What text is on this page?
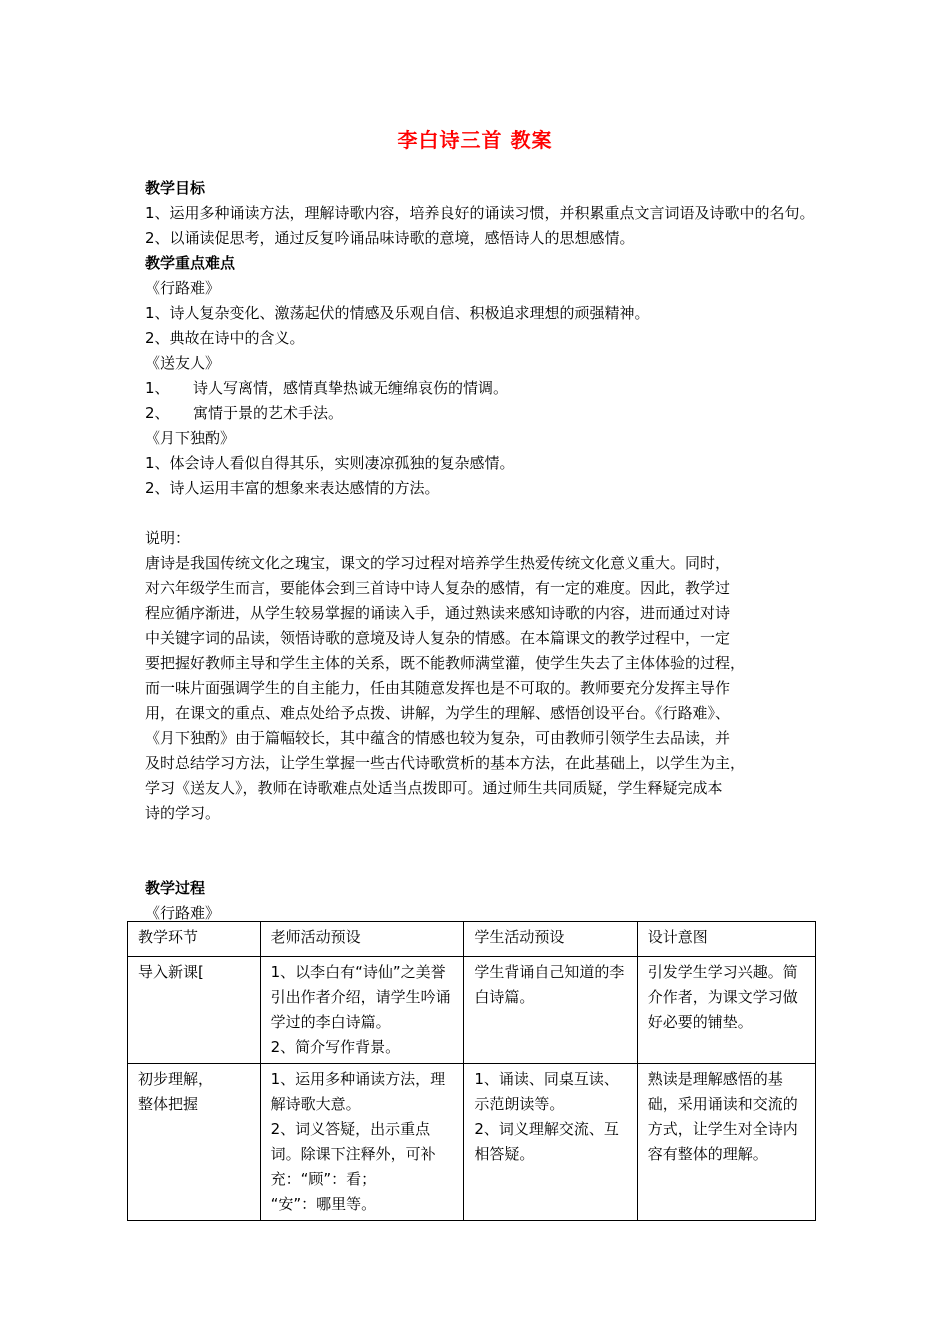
李白诗三首 教案
教学目标
1、运用多种诵读方法，理解诗歌内容，培养良好的诵读习惯，并积累重点文言词语及诗歌中的名句。
2、以诵读促思考，通过反复吟诵品味诗歌的意境，感悟诗人的思想感情。
教学重点难点
《行路难》
1、诗人复杂变化、激荡起伏的情感及乐观自信、积极追求理想的顽强精神。
2、典故在诗中的含义。
《送友人》
1、 诗人写离情，感情真挚热诚无缠绵哀伤的情调。
2、 寓情于景的艺术手法。
《月下独酌》
1、体会诗人看似自得其乐，实则凄凉孤独的复杂感情。
2、诗人运用丰富的想象来表达感情的方法。
说明：
唐诗是我国传统文化之瑰宝，课文的学习过程对培养学生热爱传统文化意义重大。同时，
对六年级学生而言，要能体会到三首诗中诗人复杂的感情，有一定的难度。因此，教学过
程应循序渐进，从学生较易掌握的诵读入手，通过熟读来感知诗歌的内容，进而通过对诗
中关键字词的品读，领悟诗歌的意境及诗人复杂的情感。在本篇课文的教学过程中，一定
要把握好教师主导和学生主体的关系，既不能教师满堂灌，使学生失去了主体体验的过程，
而一味片面强调学生的自主能力，任由其随意发挥也是不可取的。教师要充分发挥主导作
用，在课文的重点、难点处给予点拨、讲解，为学生的理解、感悟创设平台。《行路难》、
《月下独酌》由于篇幅较长，其中蕴含的情感也较为复杂，可由教师引领学生去品读，并
及时总结学习方法，让学生掌握一些古代诗歌赏析的基本方法，在此基础上，以学生为主，
学习《送友人》，教师在诗歌难点处适当点拨即可。通过师生共同质疑，学生释疑完成本
诗的学习。
教学过程
《行路难》
教学环节	老师活动预设	学生活动预设	设计意图
导入新课[	1、以李白有“诗仙”之美誉引出作者介绍，请学生吟诵学过的李白诗篇。
2、简介写作背景。	学生背诵自己知道的李白诗篇。	引发学生学习兴趣。简介作者，为课文学习做好必要的铺垫。
初步理解，
整体把握	1、运用多种诵读方法，理解诗歌大意。
2、词义答疑，出示重点词。除课下注释外，可补充：“顾”：看；
“安”：哪里等。	1、诵读、同桌互读、示范朗读等。
2、词义理解交流、互相答疑。	熟读是理解感悟的基础，采用诵读和交流的方式，让学生对全诗内容有整体的理解。
